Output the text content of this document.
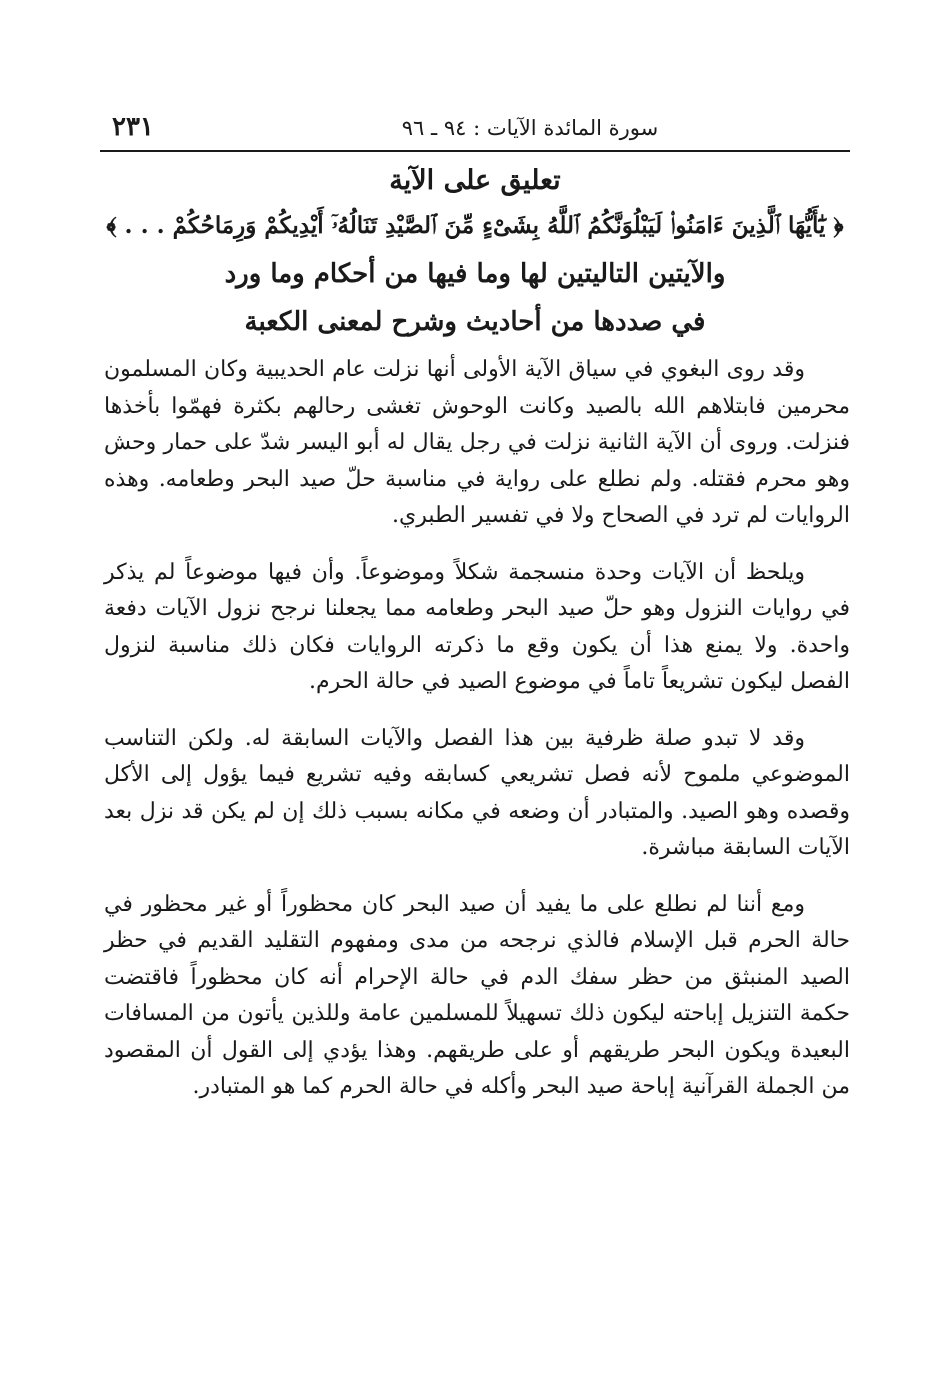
٢٣١	سورة المائدة الآيات : ٩٤ ـ ٩٦

تعليق على الآية

﴿ يَٰٓأَيُّهَا ٱلَّذِينَ ءَامَنُوا۟ لَيَبْلُوَنَّكُمُ ٱللَّهُ بِشَىْءٍ مِّنَ ٱلصَّيْدِ تَنَالُهُۥٓ أَيْدِيكُمْ وَرِمَاحُكُمْ . . . ﴾

والآيتين التاليتين لها وما فيها من أحكام وما ورد

في صددها من أحاديث وشرح لمعنى الكعبة

وقد روى البغوي في سياق الآية الأولى أنها نزلت عام الحديبية وكان المسلمون محرمين فابتلاهم الله بالصيد وكانت الوحوش تغشى رحالهم بكثرة فهمّوا بأخذها فنزلت. وروى أن الآية الثانية نزلت في رجل يقال له أبو اليسر شدّ على حمار وحش وهو محرم فقتله. ولم نطلع على رواية في مناسبة حلّ صيد البحر وطعامه. وهذه الروايات لم ترد في الصحاح ولا في تفسير الطبري.

ويلحظ أن الآيات وحدة منسجمة شكلاً وموضوعاً. وأن فيها موضوعاً لم يذكر في روايات النزول وهو حلّ صيد البحر وطعامه مما يجعلنا نرجح نزول الآيات دفعة واحدة. ولا يمنع هذا أن يكون وقع ما ذكرته الروايات فكان ذلك مناسبة لنزول الفصل ليكون تشريعاً تاماً في موضوع الصيد في حالة الحرم.

وقد لا تبدو صلة ظرفية بين هذا الفصل والآيات السابقة له. ولكن التناسب الموضوعي ملموح لأنه فصل تشريعي كسابقه وفيه تشريع فيما يؤول إلى الأكل وقصده وهو الصيد. والمتبادر أن وضعه في مكانه بسبب ذلك إن لم يكن قد نزل بعد الآيات السابقة مباشرة.

ومع أننا لم نطلع على ما يفيد أن صيد البحر كان محظوراً أو غير محظور في حالة الحرم قبل الإسلام فالذي نرجحه من مدى ومفهوم التقليد القديم في حظر الصيد المنبثق من حظر سفك الدم في حالة الإحرام أنه كان محظوراً فاقتضت حكمة التنزيل إباحته ليكون ذلك تسهيلاً للمسلمين عامة وللذين يأتون من المسافات البعيدة ويكون البحر طريقهم أو على طريقهم. وهذا يؤدي إلى القول أن المقصود من الجملة القرآنية إباحة صيد البحر وأكله في حالة الحرم كما هو المتبادر.
